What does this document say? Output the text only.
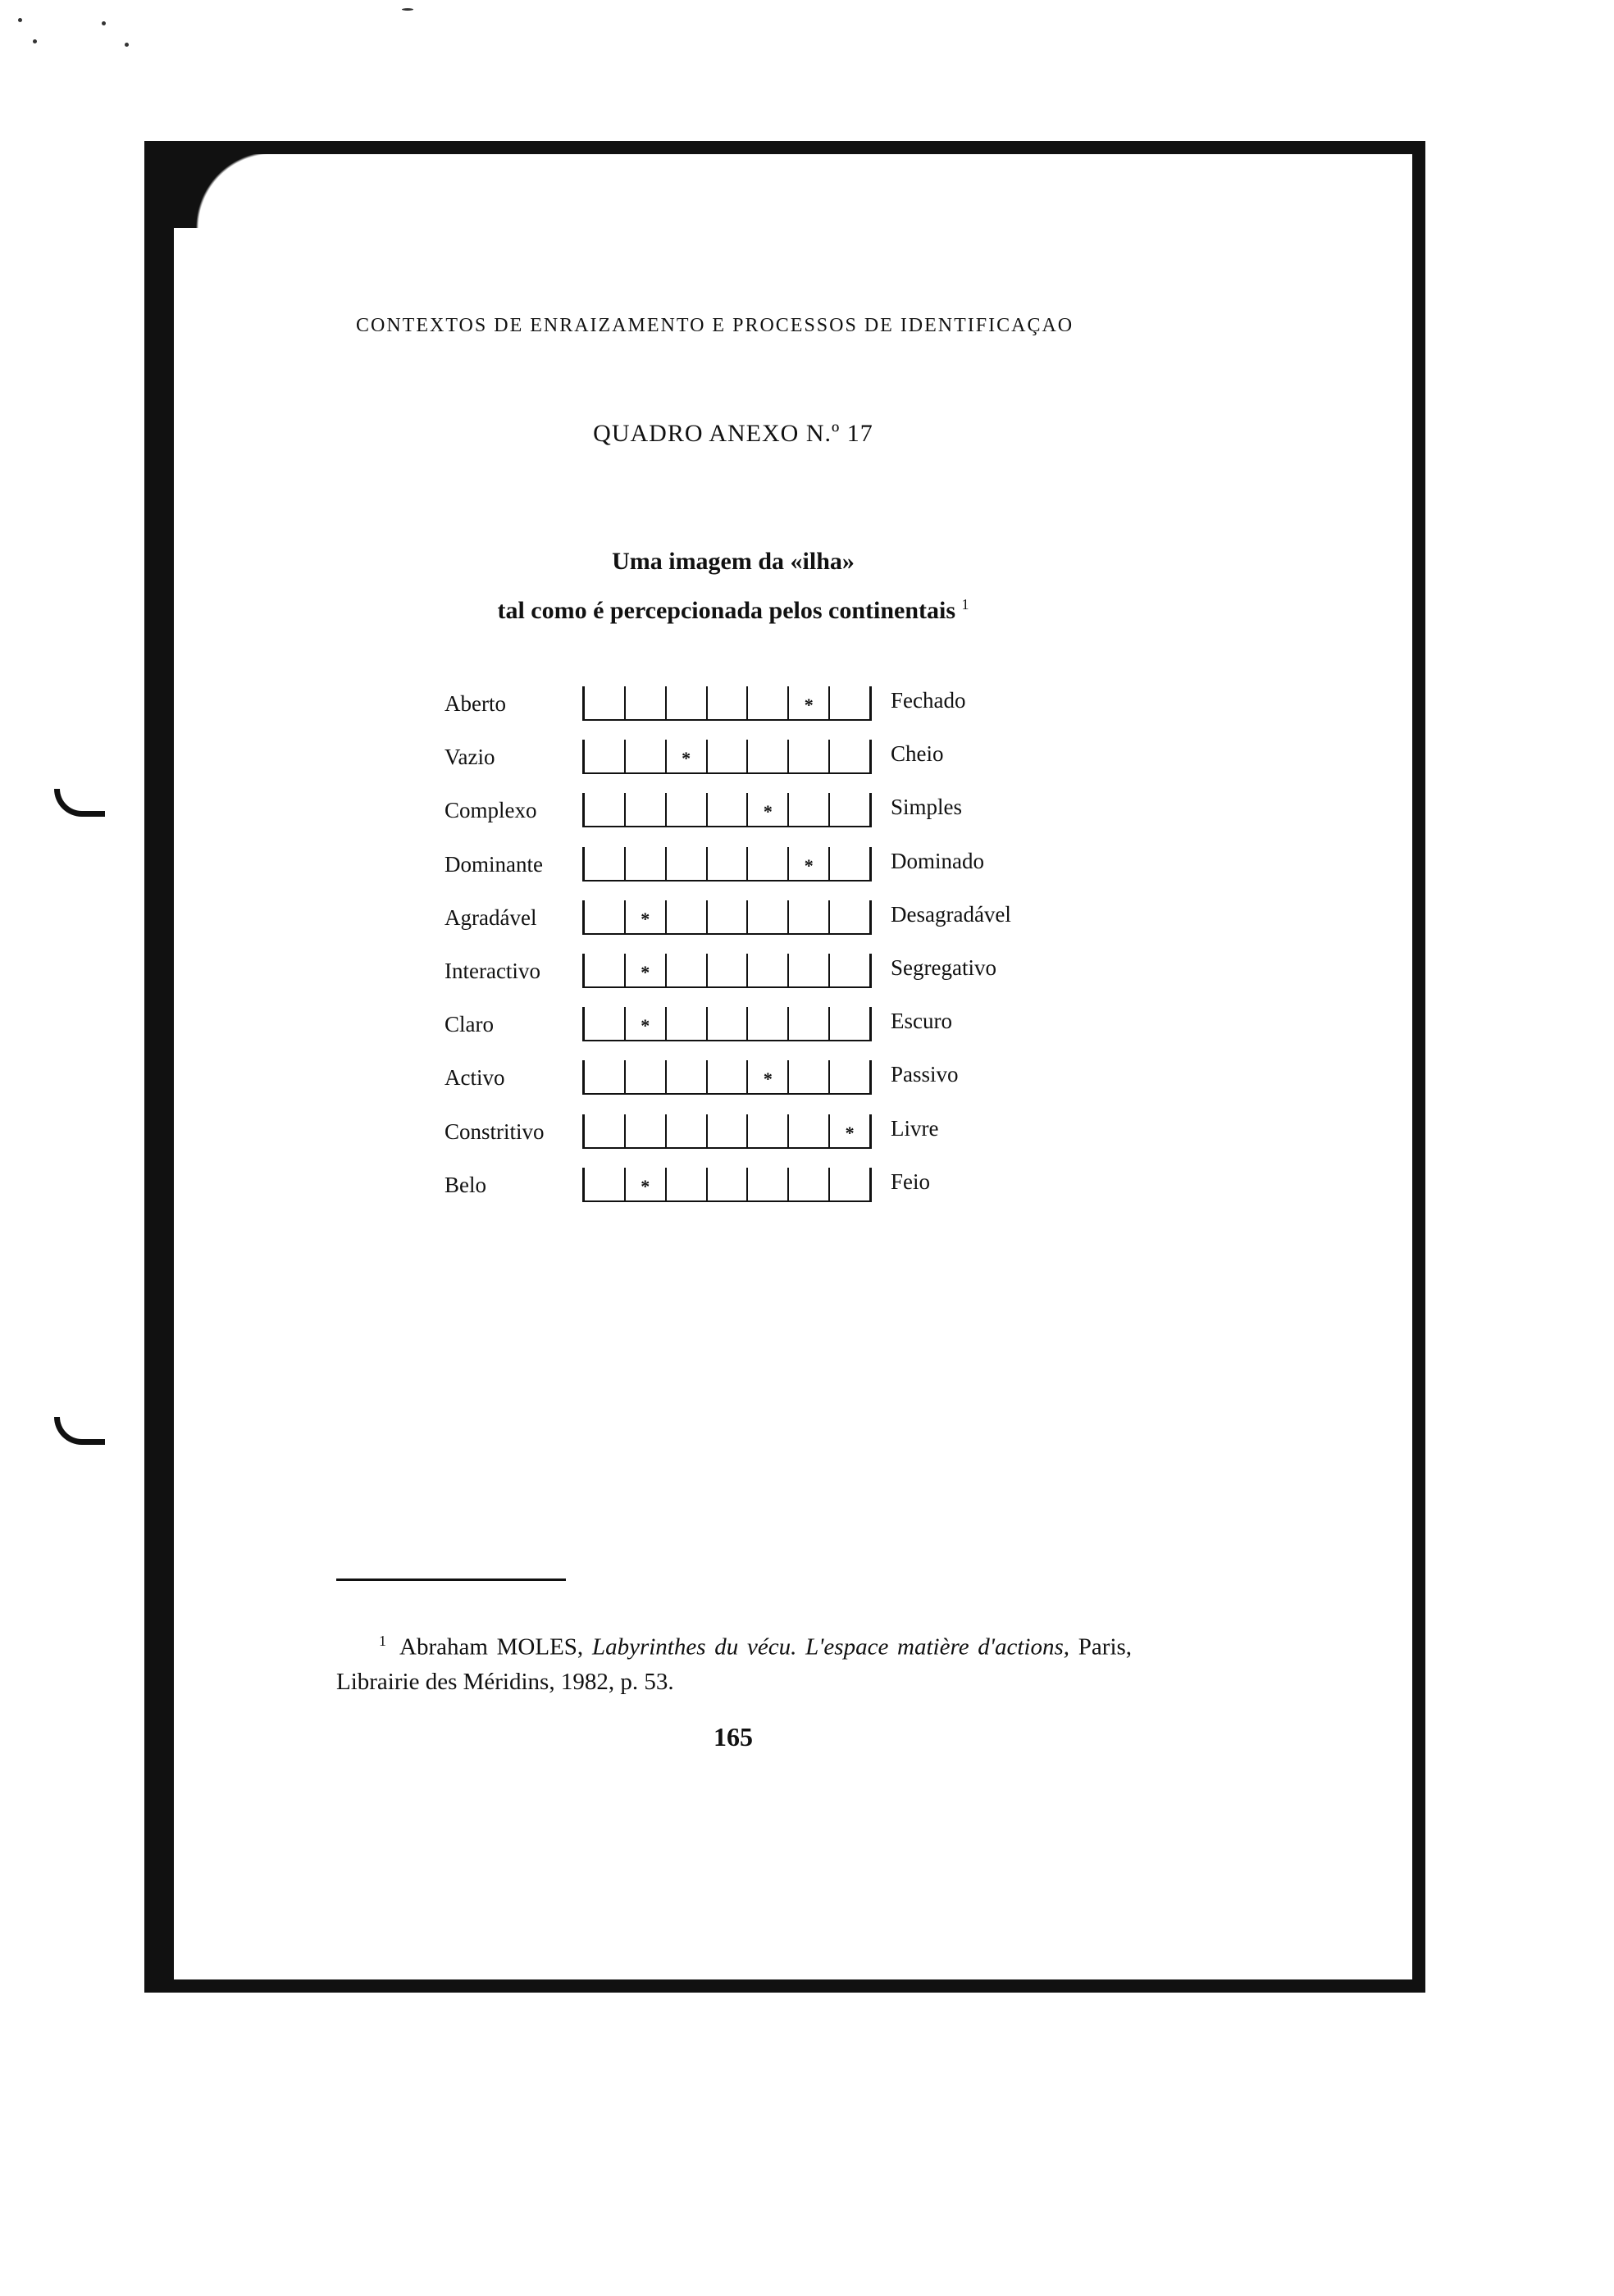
CONTEXTOS DE ENRAIZAMENTO E PROCESSOS DE IDENTIFICAÇAO
QUADRO ANEXO N.º 17
Uma imagem da «ilha»
tal como é percepcionada pelos continentais $^1$
Aberto	*	Fechado
Vazio	*	Cheio
Complexo	*	Simples
Dominante	*	Dominado
Agradável	*	Desagradável
Interactivo	*	Segregativo
Claro	*	Escuro
Activo	*	Passivo
Constritivo	* Livre
Belo	*	Feio
$^1$ Abraham MOLES, Labyrinthes du vécu. L'espace matière d'actions, Paris, Librairie des Méridins, 1982, p. 53.
165
